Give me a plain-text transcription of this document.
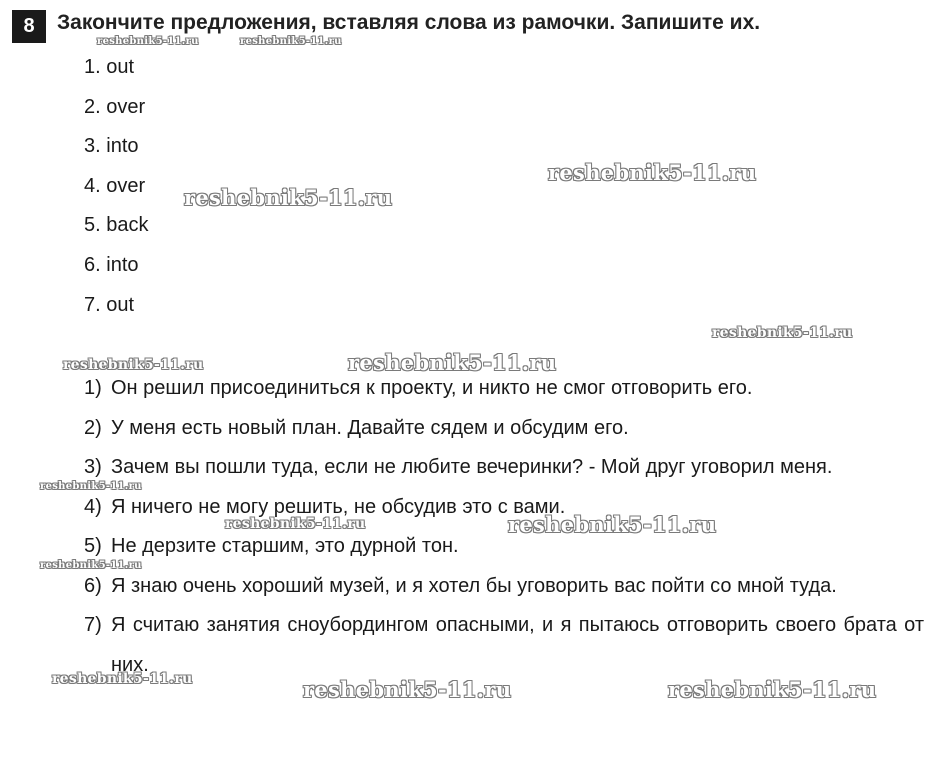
8	Закончите предложения, вставляя слова из рамочки. Запишите их.
1. out
2. over
3. into
4. over
5. back
6. into
7. out
1) Он решил присоединиться к проекту, и никто не смог отговорить его.
2) У меня есть новый план. Давайте сядем и обсудим его.
3) Зачем вы пошли туда, если не любите вечеринки? - Мой друг уговорил меня.
4) Я ничего не могу решить, не обсудив это с вами.
5) Не дерзите старшим, это дурной тон.
6) Я знаю очень хороший музей, и я хотел бы уговорить вас пойти со мной туда.
7) Я считаю занятия сноубордингом опасными, и я пытаюсь отговорить своего брата от них.
reshebnik5-11.ru	reshebnik5-11.ru
reshebnik5-11.ru
reshebnik5-11.ru
reshebnik5-11.ru
reshebnik5-11.ru	reshebnik5-11.ru
reshebnik5-11.ru
reshebnik5-11.ru	reshebnik5-11.ru
reshebnik5-11.ru
reshebnik5-11.ru	reshebnik5-11.ru	reshebnik5-11.ru
